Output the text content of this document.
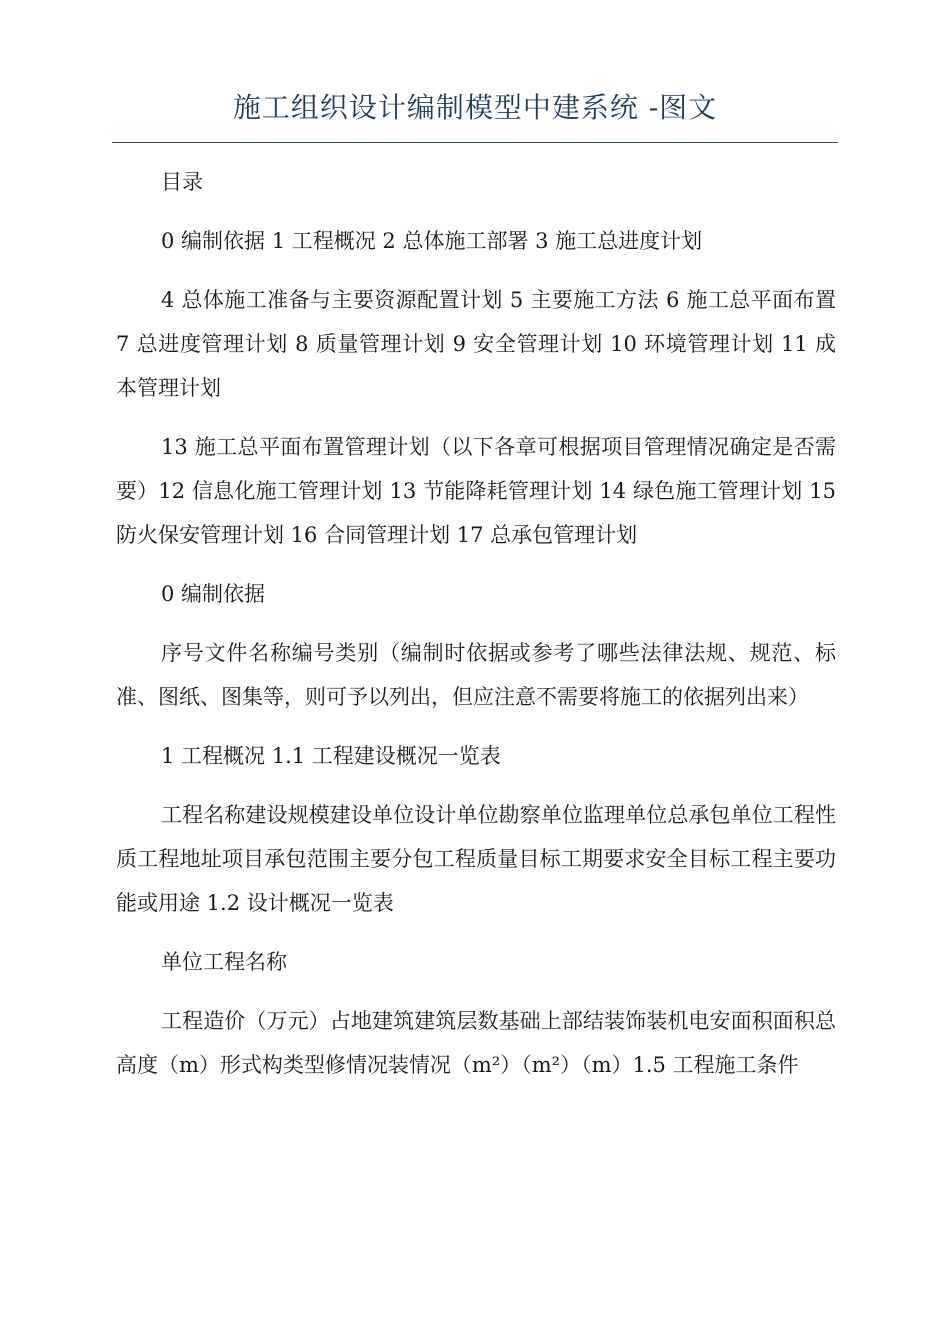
施工组织设计编制模型中建系统 -图文

目录

0 编制依据 1 工程概况 2 总体施工部署 3 施工总进度计划

4 总体施工准备与主要资源配置计划 5 主要施工方法 6 施工总平面布置 7 总进度管理计划 8 质量管理计划 9 安全管理计划 10 环境管理计划 11 成本管理计划

13 施工总平面布置管理计划（以下各章可根据项目管理情况确定是否需要）12 信息化施工管理计划 13 节能降耗管理计划 14 绿色施工管理计划 15 防火保安管理计划 16 合同管理计划 17 总承包管理计划

0 编制依据

序号文件名称编号类别（编制时依据或参考了哪些法律法规、规范、标准、图纸、图集等，则可予以列出，但应注意不需要将施工的依据列出来）

1 工程概况 1.1 工程建设概况一览表

工程名称建设规模建设单位设计单位勘察单位监理单位总承包单位工程性质工程地址项目承包范围主要分包工程质量目标工期要求安全目标工程主要功能或用途 1.2 设计概况一览表

单位工程名称

工程造价（万元）占地建筑建筑层数基础上部结装饰装机电安面积面积总高度（m）形式构类型修情况装情况（m²）（m²）（m）1.5 工程施工条件
